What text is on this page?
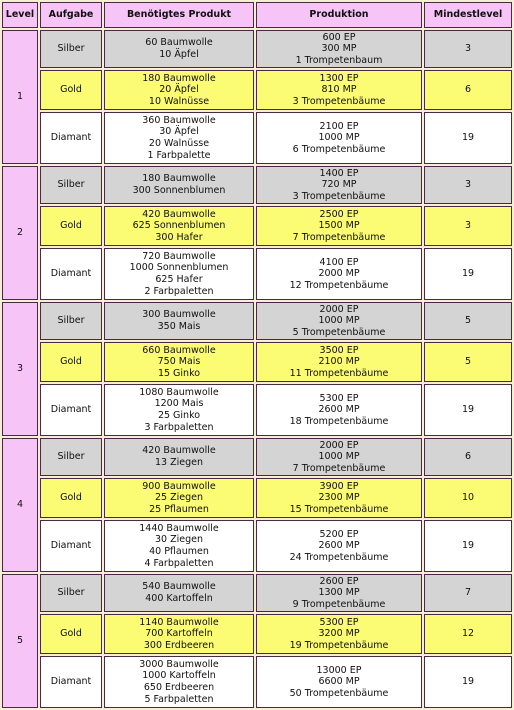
Level	Aufgabe	Benötigtes Produkt	Produktion	Mindestlevel
1	Silber	60 Baumwolle
10 Äpfel	600 EP
300 MP
1 Trompetenbaum	3
	Gold	180 Baumwolle
20 Äpfel
10 Walnüsse	1300 EP
810 MP
3 Trompetenbäume	6
	Diamant	360 Baumwolle
30 Äpfel
20 Walnüsse
1 Farbpalette	2100 EP
1000 MP
6 Trompetenbäume	19
2	Silber	180 Baumwolle
300 Sonnenblumen	1400 EP
720 MP
3 Trompetenbäume	3
	Gold	420 Baumwolle
625 Sonnenblumen
300 Hafer	2500 EP
1500 MP
7 Trompetenbäume	3
	Diamant	720 Baumwolle
1000 Sonnenblumen
625 Hafer
2 Farbpaletten	4100 EP
2000 MP
12 Trompetenbäume	19
3	Silber	300 Baumwolle
350 Mais	2000 EP
1000 MP
5 Trompetenbäume	5
	Gold	660 Baumwolle
750 Mais
15 Ginko	3500 EP
2100 MP
11 Trompetenbäume	5
	Diamant	1080 Baumwolle
1200 Mais
25 Ginko
3 Farbpaletten	5300 EP
2600 MP
18 Trompetenbäume	19
4	Silber	420 Baumwolle
13 Ziegen	2000 EP
1000 MP
7 Trompetenbäume	6
	Gold	900 Baumwolle
25 Ziegen
25 Pflaumen	3900 EP
2300 MP
15 Trompetenbäume	10
	Diamant	1440 Baumwolle
30 Ziegen
40 Pflaumen
4 Farbpaletten	5200 EP
2600 MP
24 Trompetenbäume	19
5	Silber	540 Baumwolle
400 Kartoffeln	2600 EP
1300 MP
9 Trompetenbäume	7
	Gold	1140 Baumwolle
700 Kartoffeln
300 Erdbeeren	5300 EP
3200 MP
19 Trompetenbäume	12
	Diamant	3000 Baumwolle
1000 Kartoffeln
650 Erdbeeren
5 Farbpaletten	13000 EP
6600 MP
50 Trompetenbäume	19
